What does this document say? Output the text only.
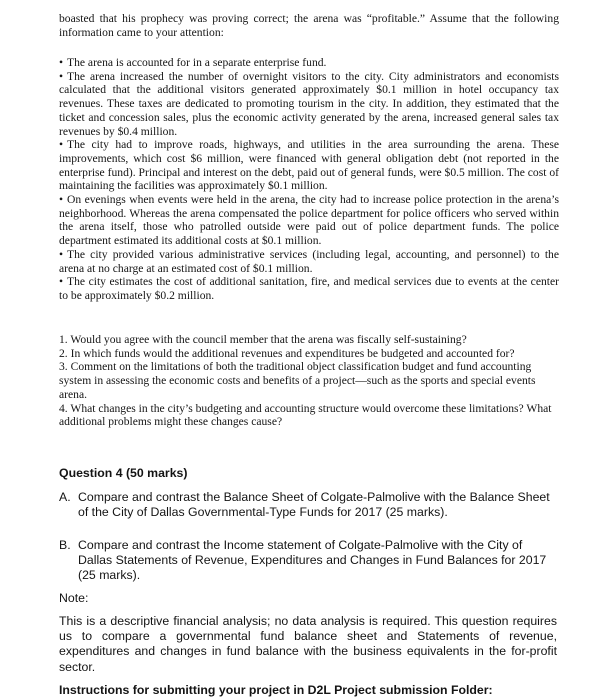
boasted that his prophecy was proving correct; the arena was “profitable.” Assume that the following information came to your attention:
• The arena is accounted for in a separate enterprise fund.
• The arena increased the number of overnight visitors to the city. City administrators and economists calculated that the additional visitors generated approximately $0.1 million in hotel occupancy tax revenues. These taxes are dedicated to promoting tourism in the city. In addition, they estimated that the ticket and concession sales, plus the economic activity generated by the arena, increased general sales tax revenues by $0.4 million.
• The city had to improve roads, highways, and utilities in the area surrounding the arena. These improvements, which cost $6 million, were financed with general obligation debt (not reported in the enterprise fund). Principal and interest on the debt, paid out of general funds, were $0.5 million. The cost of maintaining the facilities was approximately $0.1 million.
• On evenings when events were held in the arena, the city had to increase police protection in the arena’s neighborhood. Whereas the arena compensated the police department for police officers who served within the arena itself, those who patrolled outside were paid out of police department funds. The police department estimated its additional costs at $0.1 million.
• The city provided various administrative services (including legal, accounting, and personnel) to the arena at no charge at an estimated cost of $0.1 million.
• The city estimates the cost of additional sanitation, fire, and medical services due to events at the center to be approximately $0.2 million.
1. Would you agree with the council member that the arena was fiscally self-sustaining?
2. In which funds would the additional revenues and expenditures be budgeted and accounted for?
3. Comment on the limitations of both the traditional object classification budget and fund accounting system in assessing the economic costs and benefits of a project—such as the sports and special events arena.
4. What changes in the city’s budgeting and accounting structure would overcome these limitations? What additional problems might these changes cause?
Question 4 (50 marks)
A. Compare and contrast the Balance Sheet of Colgate-Palmolive with the Balance Sheet of the City of Dallas Governmental-Type Funds for 2017 (25 marks).
B. Compare and contrast the Income statement of Colgate-Palmolive with the City of Dallas Statements of Revenue, Expenditures and Changes in Fund Balances for 2017 (25 marks).
Note:
This is a descriptive financial analysis; no data analysis is required. This question requires us to compare a governmental fund balance sheet and Statements of revenue, expenditures and changes in fund balance with the business equivalents in the for-profit sector.
Instructions for submitting your project in D2L Project submission Folder:
